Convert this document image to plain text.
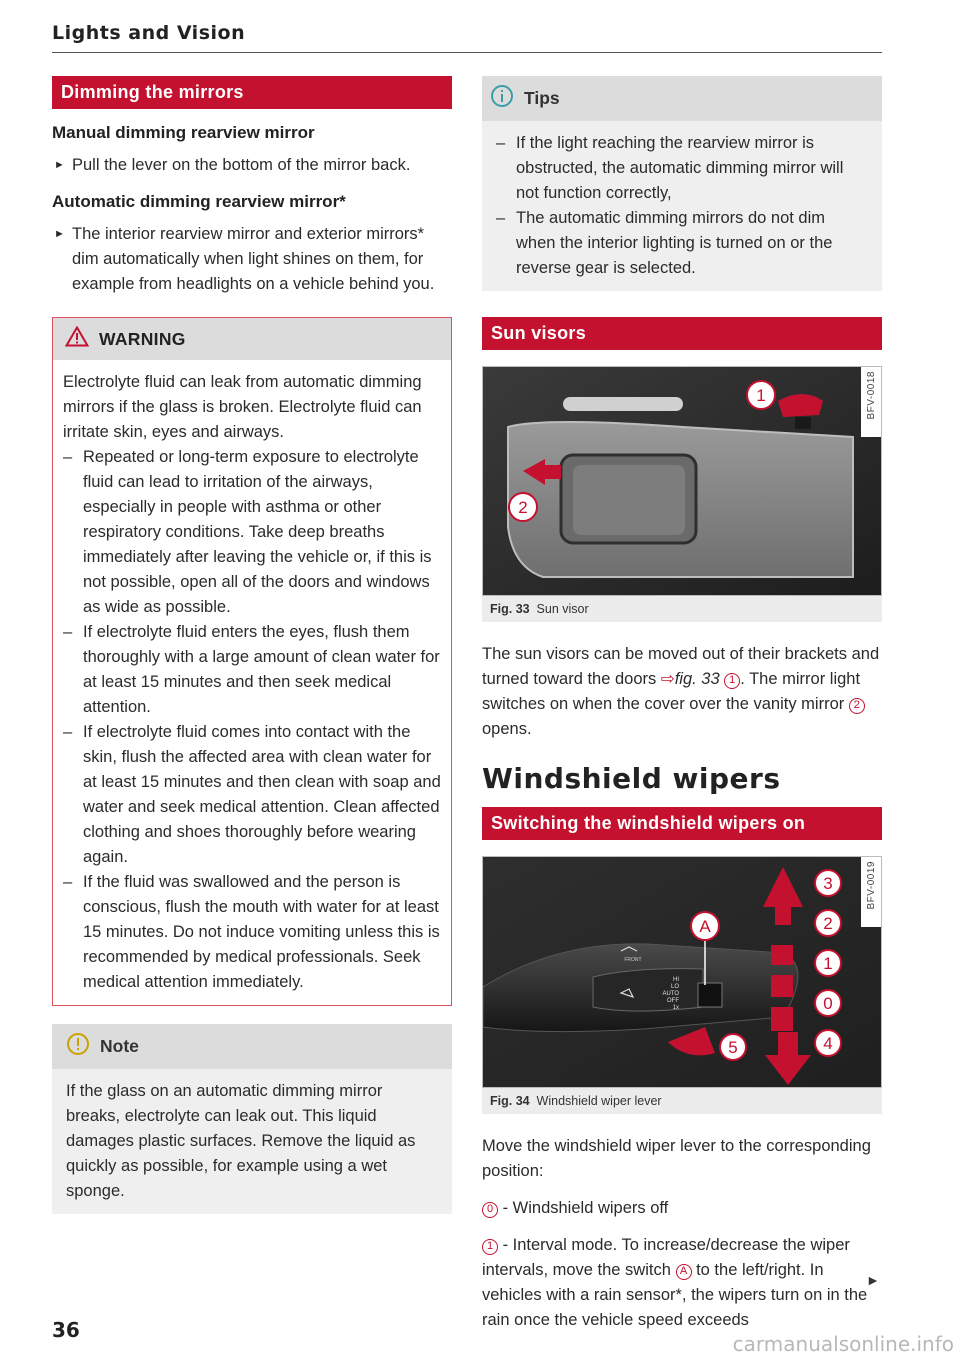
Lights and Vision
Dimming the mirrors
Manual dimming rearview mirror
► Pull the lever on the bottom of the mirror back.
Automatic dimming rearview mirror*
► The interior rearview mirror and exterior mirrors* dim automatically when light shines on them, for example from headlights on a vehicle behind you.
WARNING
Electrolyte fluid can leak from automatic dimming mirrors if the glass is broken. Electrolyte fluid can irritate skin, eyes and airways.
– Repeated or long-term exposure to electrolyte fluid can lead to irritation of the airways, especially in people with asthma or other respiratory conditions. Take deep breaths immediately after leaving the vehicle or, if this is not possible, open all of the doors and windows as wide as possible.
– If electrolyte fluid enters the eyes, flush them thoroughly with a large amount of clean water for at least 15 minutes and then seek medical attention.
– If electrolyte fluid comes into contact with the skin, flush the affected area with clean water for at least 15 minutes and then clean with soap and water and seek medical attention. Clean affected clothing and shoes thoroughly before wearing again.
– If the fluid was swallowed and the person is conscious, flush the mouth with water for at least 15 minutes. Do not induce vomiting unless this is recommended by medical professionals. Seek medical attention immediately.
Note
If the glass on an automatic dimming mirror breaks, electrolyte can leak out. This liquid damages plastic surfaces. Remove the liquid as quickly as possible, for example using a wet sponge.
Tips
– If the light reaching the rearview mirror is obstructed, the automatic dimming mirror will not function correctly,
– The automatic dimming mirrors do not dim when the interior lighting is turned on or the reverse gear is selected.
Sun visors
1
2
BFV-0018
Fig. 33 Sun visor
The sun visors can be moved out of their brackets and turned toward the doors ⇨fig. 33 1 . The mirror light switches on when the cover over the vanity mirror 2 opens.
Windshield wipers
Switching the windshield wipers on
HI
LO
AUTO
OFF
1x
FRONT
A
3
2
1
0
4
5
BFV-0019
Fig. 34 Windshield wiper lever
Move the windshield wiper lever to the corresponding position:
0 - Windshield wipers off
1 - Interval mode. To increase/decrease the wiper intervals, move the switch A to the left/right. In vehicles with a rain sensor*, the wipers turn on in the rain once the vehicle speed exceeds
36
►
carmanualsonline.info
